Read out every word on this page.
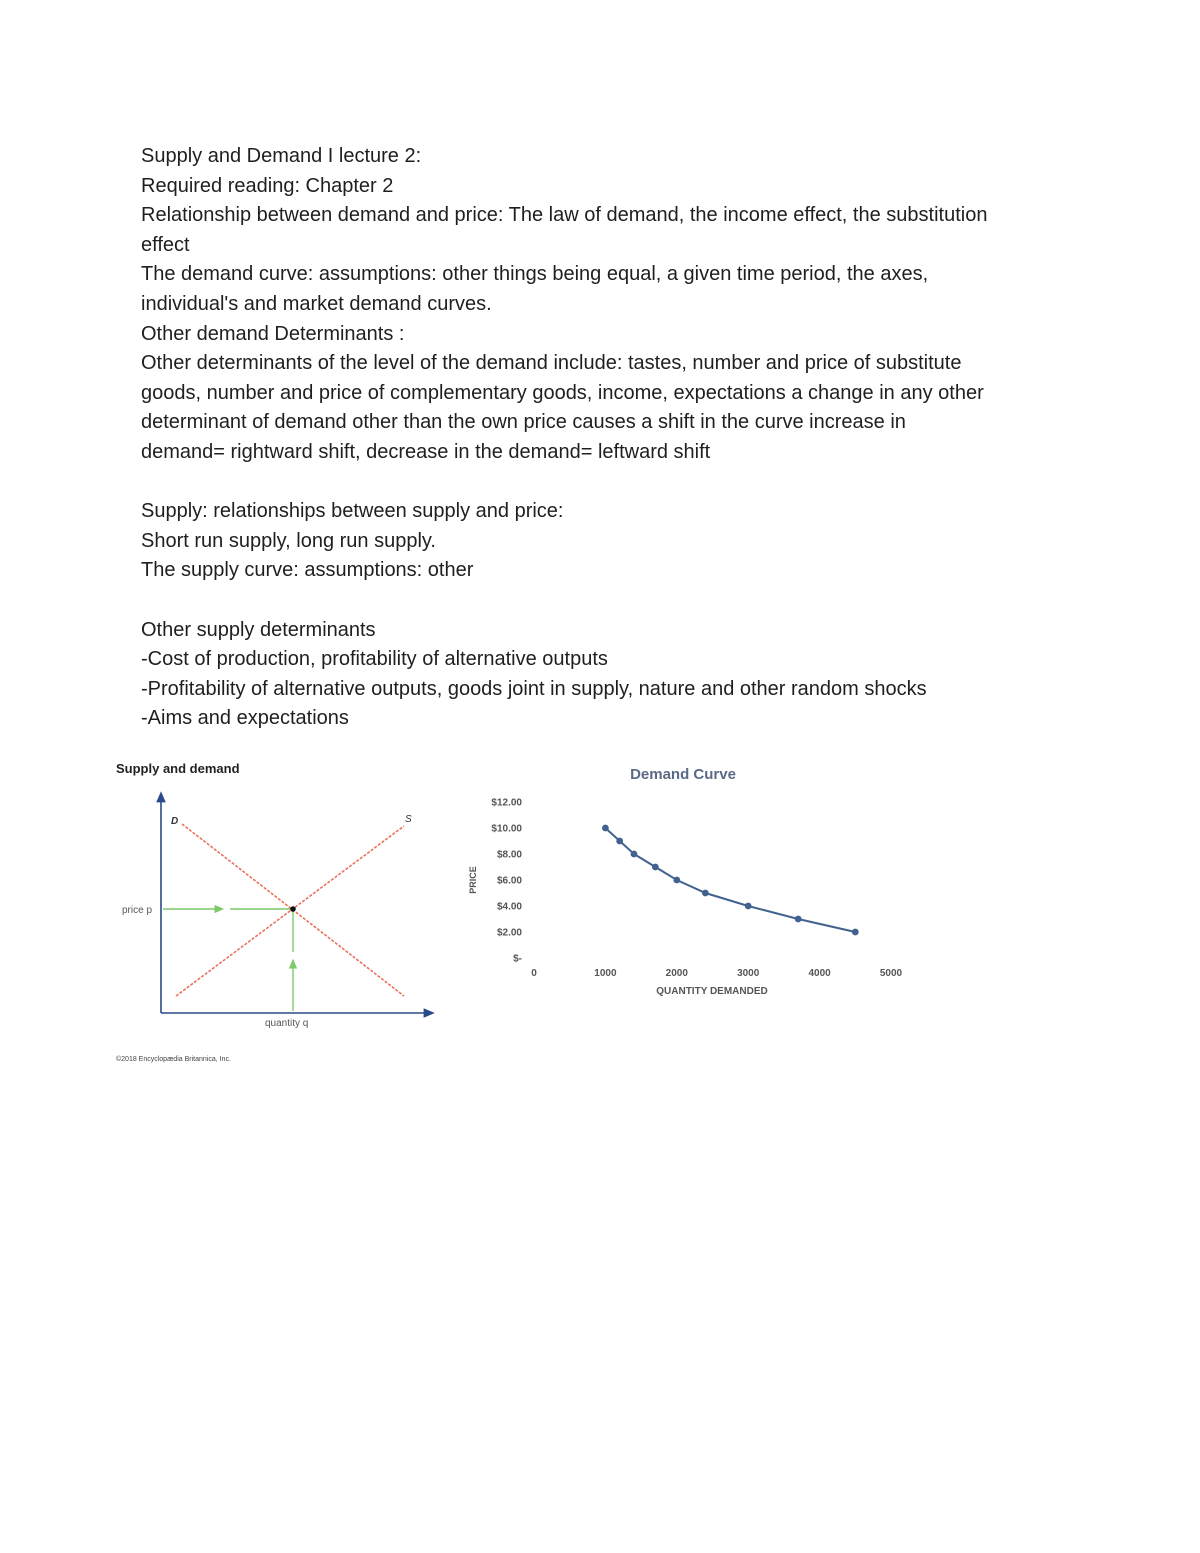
Supply and Demand I lecture 2:

Required reading: Chapter 2

Relationship between demand and price: The law of demand, the income effect, the substitution

effect

The demand curve: assumptions: other things being equal, a given time period, the axes,

individual's and market demand curves.

Other demand Determinants :

Other determinants of the level of the demand include: tastes, number and price of substitute

goods, number and price of complementary goods, income, expectations a change in any other

determinant of demand other than the own price causes a shift in the curve increase in

demand= rightward shift, decrease in the demand= leftward shift

Supply: relationships between supply and price:

Short run supply, long run supply.

The supply curve: assumptions: other

Other supply determinants

-Cost of production, profitability of alternative outputs

-Profitability of alternative outputs, goods joint in supply, nature and other random shocks

-Aims and expectations

Supply and demand
D	S
price p
quantity q
©2018 Encyclopædia Britannica, Inc.
Demand Curve
PRICE
$12.00
$10.00
$8.00
$6.00
$4.00
$2.00
$-
0	1000	2000	3000	4000	5000
QUANTITY DEMANDED
